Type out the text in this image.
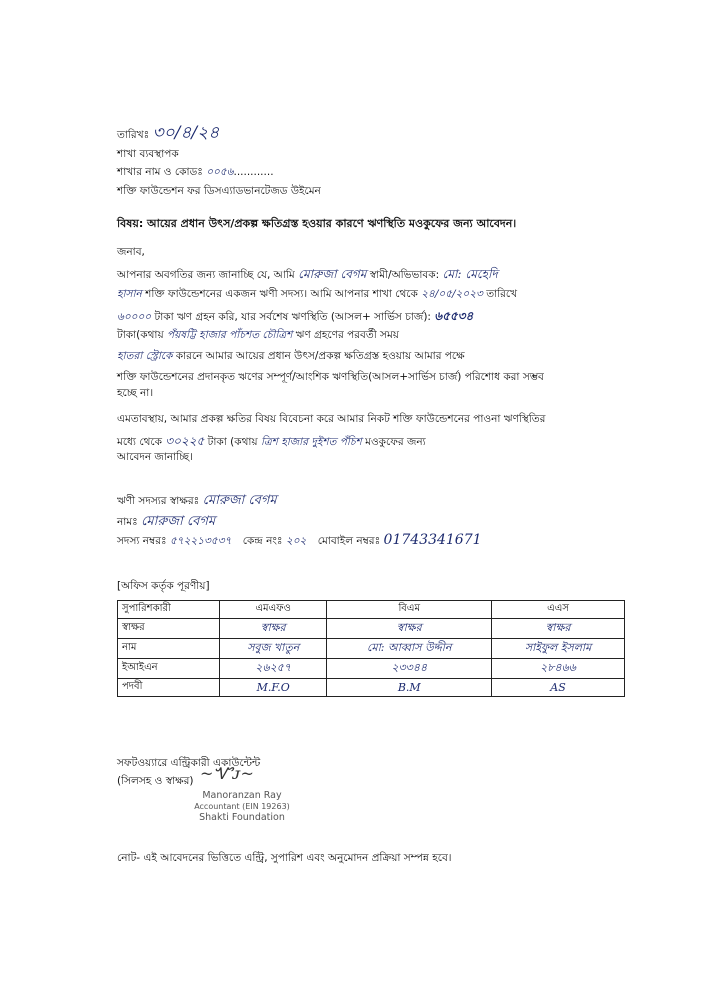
তারিখঃ ৩০/৪/২৪
শাখা ব্যবস্থাপক
শাখার নাম ও কোডঃ ০০৫৬............
শক্তি ফাউন্ডেশন ফর ডিসএ্যাডভানটেজড উইমেন
বিষয়: আয়ের প্রধান উৎস/প্রকল্প ক্ষতিগ্রস্ত হওয়ার কারণে ঋণস্থিতি মওকুফের জন্য আবেদন।
জনাব,
আপনার অবগতির জন্য জানাচ্ছি যে, আমি মোরুজা বেগম স্বামী/অভিভাবক: মো: মেহেদি
হাসান শক্তি ফাউন্ডেশনের একজন ঋণী সদস্য। আমি আপনার শাখা থেকে ২৪/০৫/২০২৩ তারিখে
৬০০০০ টাকা ঋণ গ্রহন করি, যার সর্বশেষ ঋণস্থিতি (আসল+ সার্ভিস চার্জ): ৬৫৫৩৪
টাকা(কথায় পঁয়ষট্টি হাজার পাঁচশত চৌত্রিশ ঋণ গ্রহণের পরবর্তী সময়
হাতরা স্ট্রোকে কারনে আমার আয়ের প্রধান উৎস/প্রকল্প ক্ষতিগ্রস্ত হওয়ায় আমার পক্ষে
শক্তি ফাউন্ডেশনের প্রদানকৃত ঋণের সম্পূর্ণ/আংশিক ঋণস্থিতি(আসল+সার্ভিস চার্জ) পরিশোধ করা সম্ভব
হচ্ছে না।
এমতাবস্থায়, আমার প্রকল্প ক্ষতির বিষয় বিবেচনা করে আমার নিকট শক্তি ফাউন্ডেশনের পাওনা ঋণস্থিতির
মধ্যে থেকে ৩০২২৫ টাকা (কথায় ত্রিশ হাজার দুইশত পঁচিশ মওকুফের জন্য
আবেদন জানাচ্ছি।
ঋণী সদস্যর স্বাক্ষরঃ মোরুজা বেগম
নামঃ মোরুজা বেগম
সদস্য নম্বরঃ ৫৭২২১৩৫৩৭ কেন্দ্র নংঃ ২০২ মোবাইল নম্বরঃ 01743341671
[অফিস কর্তৃক পূরণীয়]
সুপারিশকারী	এমএফও	বিএম	এএস
স্বাক্ষর	স্বাক্ষর	স্বাক্ষর	স্বাক্ষর
নাম	সবুজ খাতুন	মো: আব্বাস উদ্দীন	সাইফুল ইসলাম
ইআইএন	২৬২৫৭	২৩৩৪৪	২৮৪৬৬
পদবী	M.F.O	B.M	AS
সফটওয়্যারে এন্ট্রিকারী একাউন্টেন্ট
(সিলসহ ও স্বাক্ষর) ~Ꮙᴊ~
Manoranzan Ray
Accountant (EIN 19263)
Shakti Foundation
নোট- এই আবেদনের ভিত্তিতে এন্ট্রি, সুপারিশ এবং অনুমোদন প্রক্রিয়া সম্পন্ন হবে।
